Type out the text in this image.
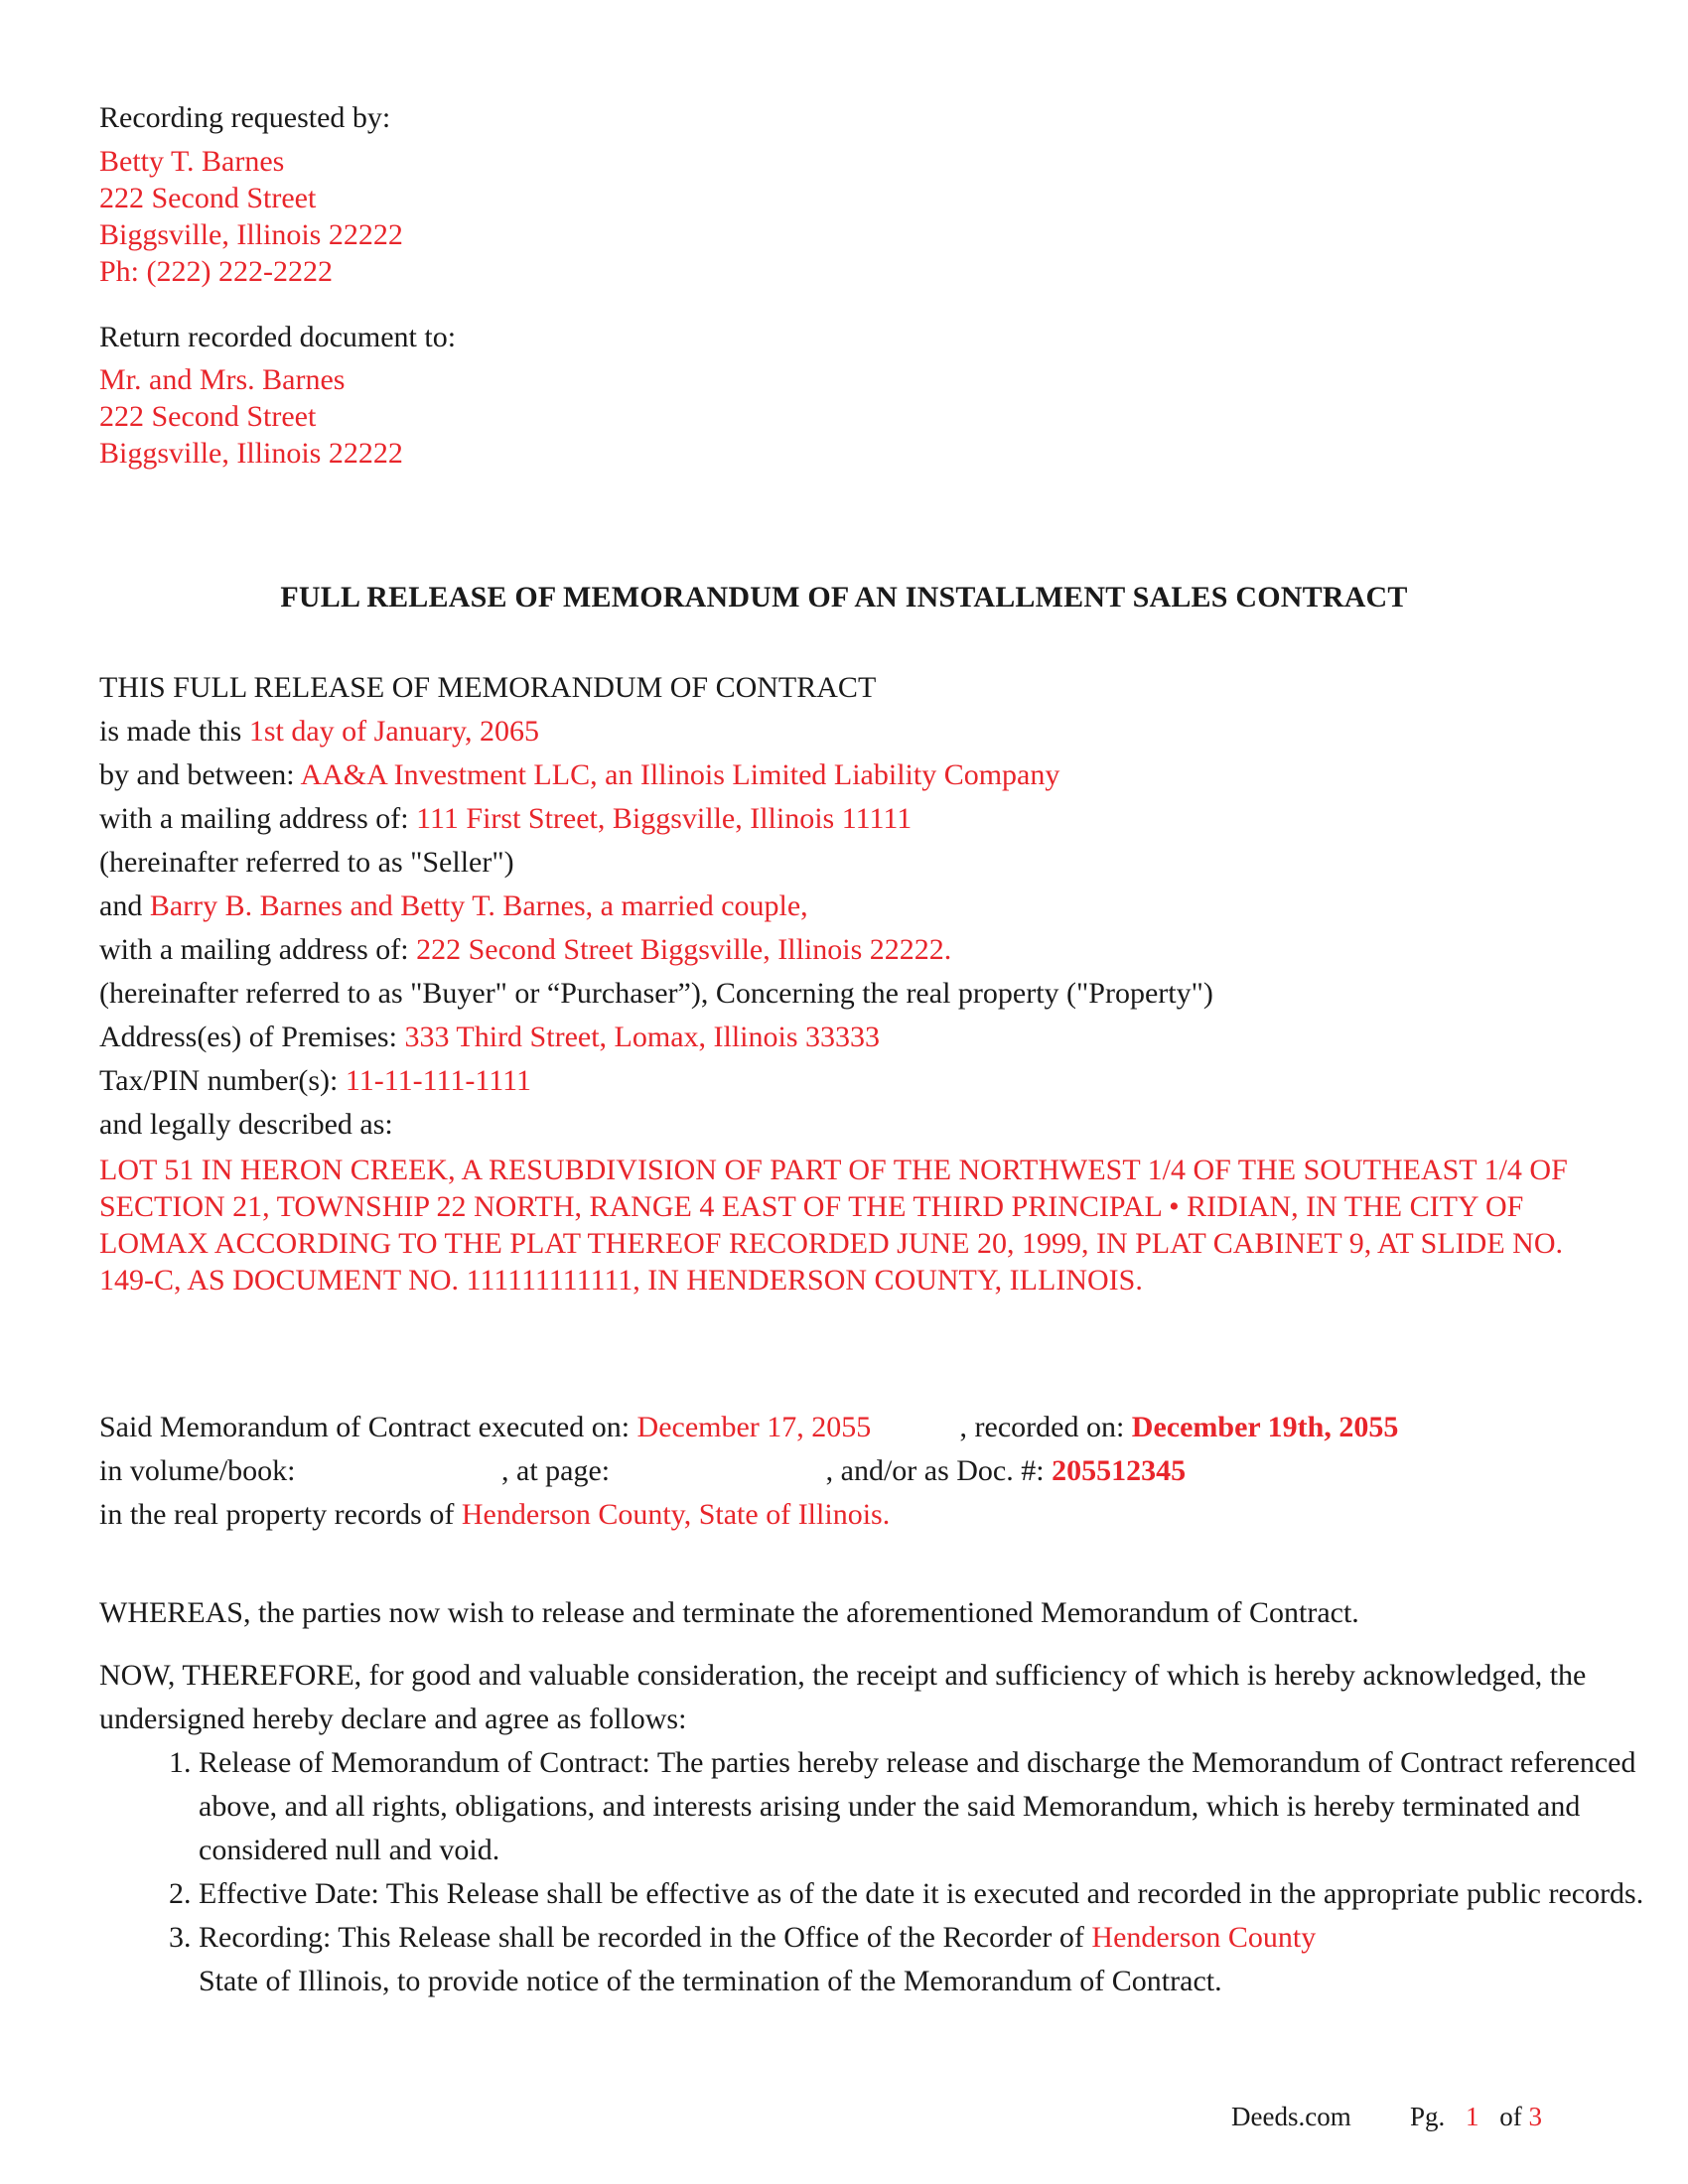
Recording requested by:
Betty T. Barnes
222 Second Street
Biggsville, Illinois 22222
Ph: (222) 222-2222
Return recorded document to:
Mr. and Mrs. Barnes
222 Second Street
Biggsville, Illinois 22222
FULL RELEASE OF MEMORANDUM OF AN INSTALLMENT SALES CONTRACT
THIS FULL RELEASE OF MEMORANDUM OF CONTRACT
is made this 1st day of January, 2065
by and between: AA&A Investment LLC, an Illinois Limited Liability Company
with a mailing address of: 111 First Street, Biggsville, Illinois 11111
(hereinafter referred to as "Seller")
and Barry B. Barnes and Betty T. Barnes, a married couple,
with a mailing address of: 222 Second Street Biggsville, Illinois 22222.
(hereinafter referred to as "Buyer" or “Purchaser”), Concerning the real property ("Property")
Address(es) of Premises: 333 Third Street, Lomax, Illinois 33333
Tax/PIN number(s): 11-11-111-1111
and legally described as:
LOT 51 IN HERON CREEK, A RESUBDIVISION OF PART OF THE NORTHWEST 1/4 OF THE SOUTHEAST 1/4 OF SECTION 21, TOWNSHIP 22 NORTH, RANGE 4 EAST OF THE THIRD PRINCIPAL • RIDIAN, IN THE CITY OF LOMAX ACCORDING TO THE PLAT THEREOF RECORDED JUNE 20, 1999, IN PLAT CABINET 9, AT SLIDE NO. 149-C, AS DOCUMENT NO. 111111111111, IN HENDERSON COUNTY, ILLINOIS.
Said Memorandum of Contract executed on: December 17, 2055	, recorded on: December 19th, 2055
in volume/book:	, at page:	, and/or as Doc. #: 205512345
in the real property records of Henderson County, State of Illinois.
WHEREAS, the parties now wish to release and terminate the aforementioned Memorandum of Contract.
NOW, THEREFORE, for good and valuable consideration, the receipt and sufficiency of which is hereby acknowledged, the undersigned hereby declare and agree as follows:
1. Release of Memorandum of Contract: The parties hereby release and discharge the Memorandum of Contract referenced above, and all rights, obligations, and interests arising under the said Memorandum, which is hereby terminated and considered null and void.
2. Effective Date: This Release shall be effective as of the date it is executed and recorded in the appropriate public records.
3. Recording: This Release shall be recorded in the Office of the Recorder of Henderson County
State of Illinois, to provide notice of the termination of the Memorandum of Contract.
Deeds.com Pg. 1 of 3
